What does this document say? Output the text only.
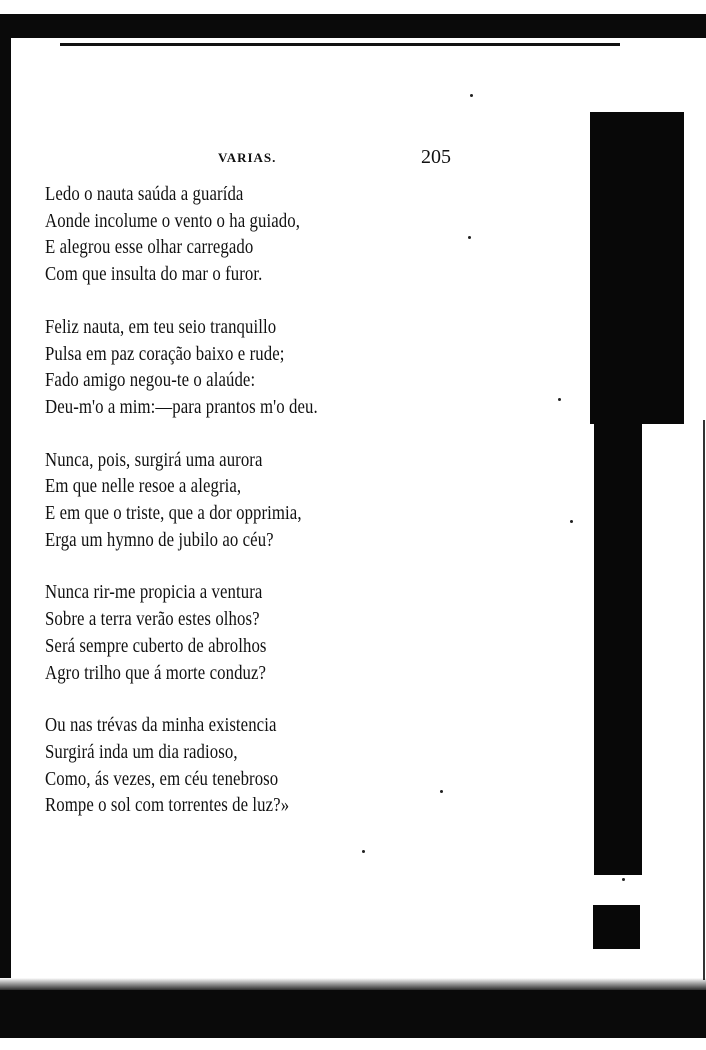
VARIAS.	205
Ledo o nauta saúda a guarída
Aonde incolume o vento o ha guiado,
E alegrou esse olhar carregado
Com que insulta do mar o furor.
Feliz nauta, em teu seio tranquillo
Pulsa em paz coração baixo e rude;
Fado amigo negou-te o alaúde:
Deu-m'o a mim:—para prantos m'o deu.
Nunca, pois, surgirá uma aurora
Em que nelle resoe a alegria,
E em que o triste, que a dor opprimia,
Erga um hymno de jubilo ao céu?
Nunca rir-me propicia a ventura
Sobre a terra verão estes olhos?
Será sempre cuberto de abrolhos
Agro trilho que á morte conduz?
Ou nas trévas da minha existencia
Surgirá inda um dia radioso,
Como, ás vezes, em céu tenebroso
Rompe o sol com torrentes de luz?»
